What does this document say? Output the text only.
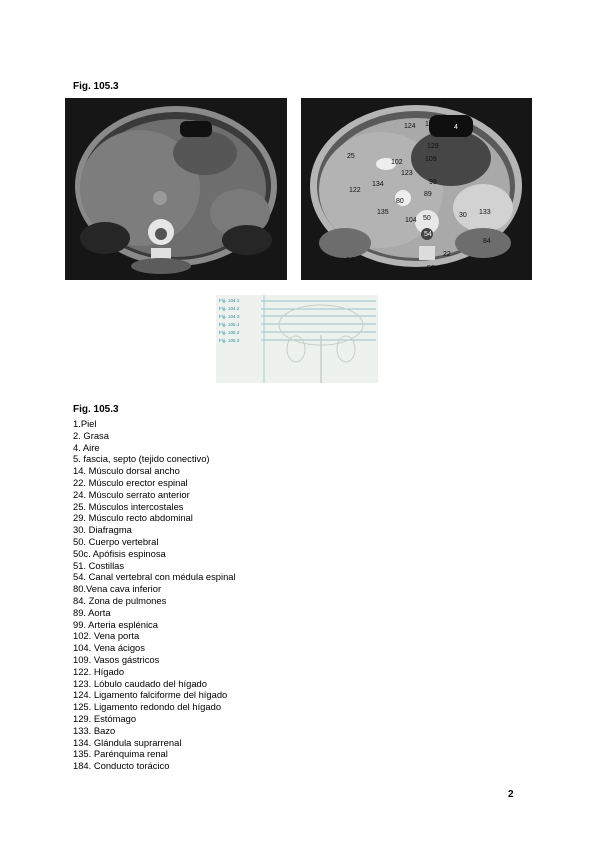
Fig. 105.3
2
4
14
22
25
30
50
54
80
84
89
99
102
104
109
122
123
124 125
129
133
134
135
50c
Fig. 104.1
Fig. 104.2
Fig. 104.3
Fig. 105.1
Fig. 105.2
Fig. 105.3
Fig. 105.3
1.Piel
2. Grasa
4. Aire
5. fascia, septo (tejido conectivo)
14. Músculo dorsal ancho
22. Músculo erector espinal
24. Músculo serrato anterior
25. Músculos intercostales
29. Músculo recto abdominal
30. Diafragma
50. Cuerpo vertebral
50c. Apófisis espinosa
51. Costillas
54. Canal vertebral con médula espinal
80.Vena cava inferior
84. Zona de pulmones
89. Aorta
99. Arteria esplénica
102. Vena porta
104. Vena ácigos
109. Vasos gástricos
122. Hígado
123. Lóbulo caudado del hígado
124. Ligamento falciforme del hígado
125. Ligamento redondo del hígado
129. Estómago
133. Bazo
134. Glándula suprarrenal
135. Parénquima renal
184. Conducto torácico
2
